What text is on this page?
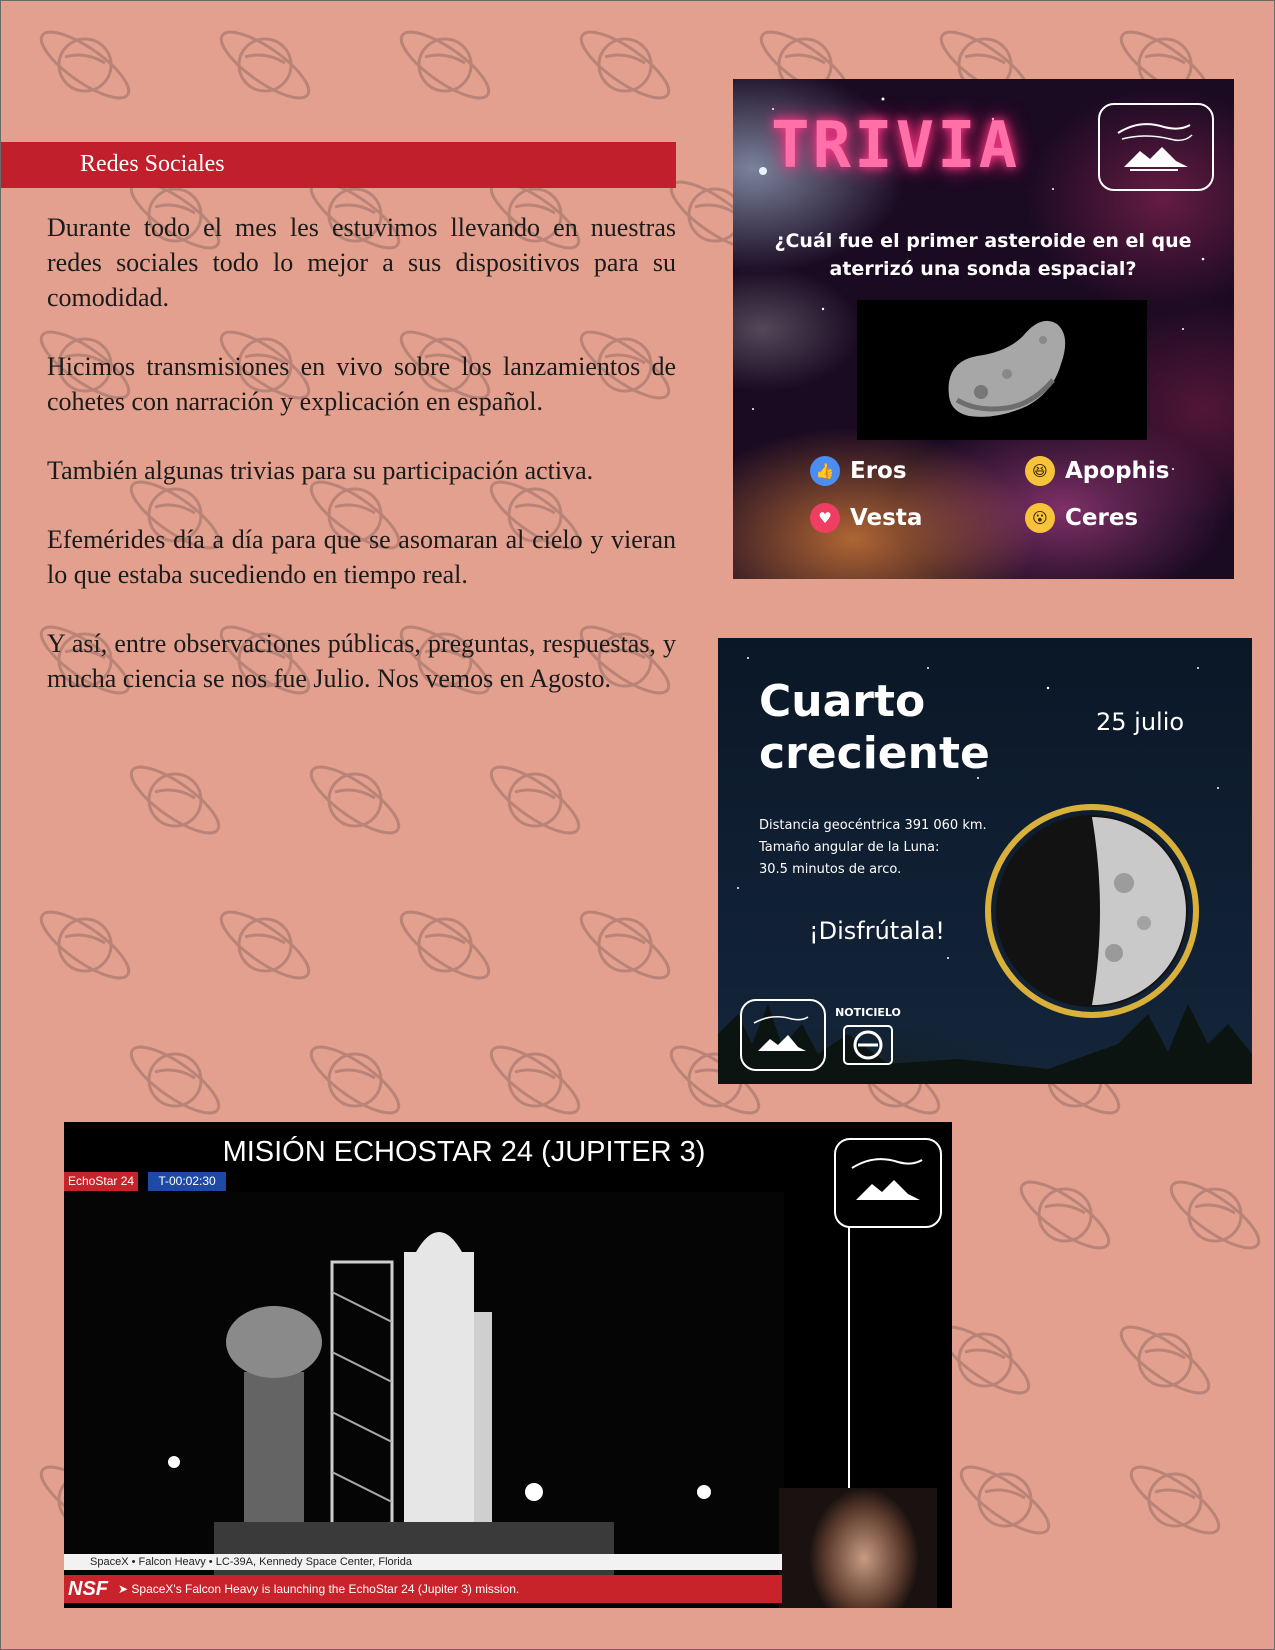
Redes Sociales

Durante todo el mes les estuvimos llevando en nuestras redes sociales todo lo mejor a sus dispositivos para su comodidad.

Hicimos transmisiones en vivo sobre los lanzamientos de cohetes con narración y explicación en español.

También algunas trivias para su participación activa.

Efemérides día a día para que se asomaran al cielo y vieran lo que estaba sucediendo en tiempo real.

Y así, entre observaciones públicas, preguntas, respuestas, y mucha ciencia se nos fue Julio. Nos vemos en Agosto.

TRIVIA
¿Cuál fue el primer asteroide en el que aterrizó una sonda espacial?
👍 Eros	😆 Apophis
♥ Vesta	😮 Ceres
Cuarto
creciente
25 julio
Distancia geocéntrica 391 060 km.
Tamaño angular de la Luna:
30.5 minutos de arco.
¡Disfrútala!
NOTICIELO
MISIÓN ECHOSTAR 24 (JUPITER 3)
EchoStar 24	T-00:02:30
SpaceX • Falcon Heavy • LC-39A, Kennedy Space Center, Florida
NSF ➤ SpaceX's Falcon Heavy is launching the EchoStar 24 (Jupiter 3) mission.
